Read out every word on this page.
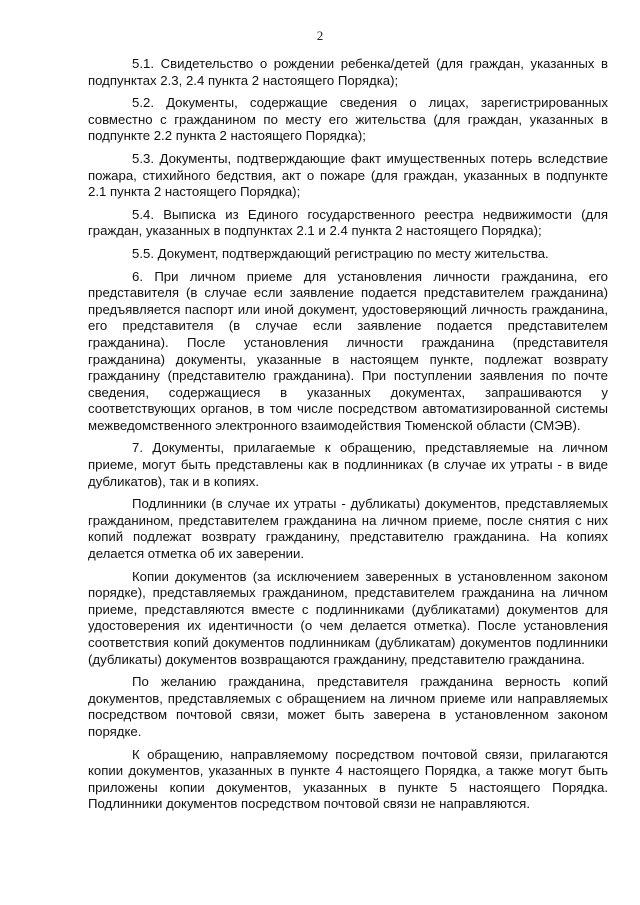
2

5.1. Свидетельство о рождении ребенка/детей (для граждан, указанных в подпунктах 2.3, 2.4 пункта 2 настоящего Порядка);

5.2. Документы, содержащие сведения о лицах, зарегистрированных совместно с гражданином по месту его жительства (для граждан, указанных в подпункте 2.2 пункта 2 настоящего Порядка);

5.3. Документы, подтверждающие факт имущественных потерь вследствие пожара, стихийного бедствия, акт о пожаре (для граждан, указанных в подпункте 2.1 пункта 2 настоящего Порядка);

5.4. Выписка из Единого государственного реестра недвижимости (для граждан, указанных в подпунктах 2.1 и 2.4 пункта 2 настоящего Порядка);

5.5. Документ, подтверждающий регистрацию по месту жительства.

6. При личном приеме для установления личности гражданина, его представителя (в случае если заявление подается представителем гражданина) предъявляется паспорт или иной документ, удостоверяющий личность гражданина, его представителя (в случае если заявление подается представителем гражданина). После установления личности гражданина (представителя гражданина) документы, указанные в настоящем пункте, подлежат возврату гражданину (представителю гражданина). При поступлении заявления по почте сведения, содержащиеся в указанных документах, запрашиваются у соответствующих органов, в том числе посредством автоматизированной системы межведомственного электронного взаимодействия Тюменской области (СМЭВ).

7. Документы, прилагаемые к обращению, представляемые на личном приеме, могут быть представлены как в подлинниках (в случае их утраты - в виде дубликатов), так и в копиях.

Подлинники (в случае их утраты - дубликаты) документов, представляемых гражданином, представителем гражданина на личном приеме, после снятия с них копий подлежат возврату гражданину, представителю гражданина. На копиях делается отметка об их заверении.

Копии документов (за исключением заверенных в установленном законом порядке), представляемых гражданином, представителем гражданина на личном приеме, представляются вместе с подлинниками (дубликатами) документов для удостоверения их идентичности (о чем делается отметка). После установления соответствия копий документов подлинникам (дубликатам) документов подлинники (дубликаты) документов возвращаются гражданину, представителю гражданина.

По желанию гражданина, представителя гражданина верность копий документов, представляемых с обращением на личном приеме или направляемых посредством почтовой связи, может быть заверена в установленном законом порядке.

К обращению, направляемому посредством почтовой связи, прилагаются копии документов, указанных в пункте 4 настоящего Порядка, а также могут быть приложены копии документов, указанных в пункте 5 настоящего Порядка. Подлинники документов посредством почтовой связи не направляются.
